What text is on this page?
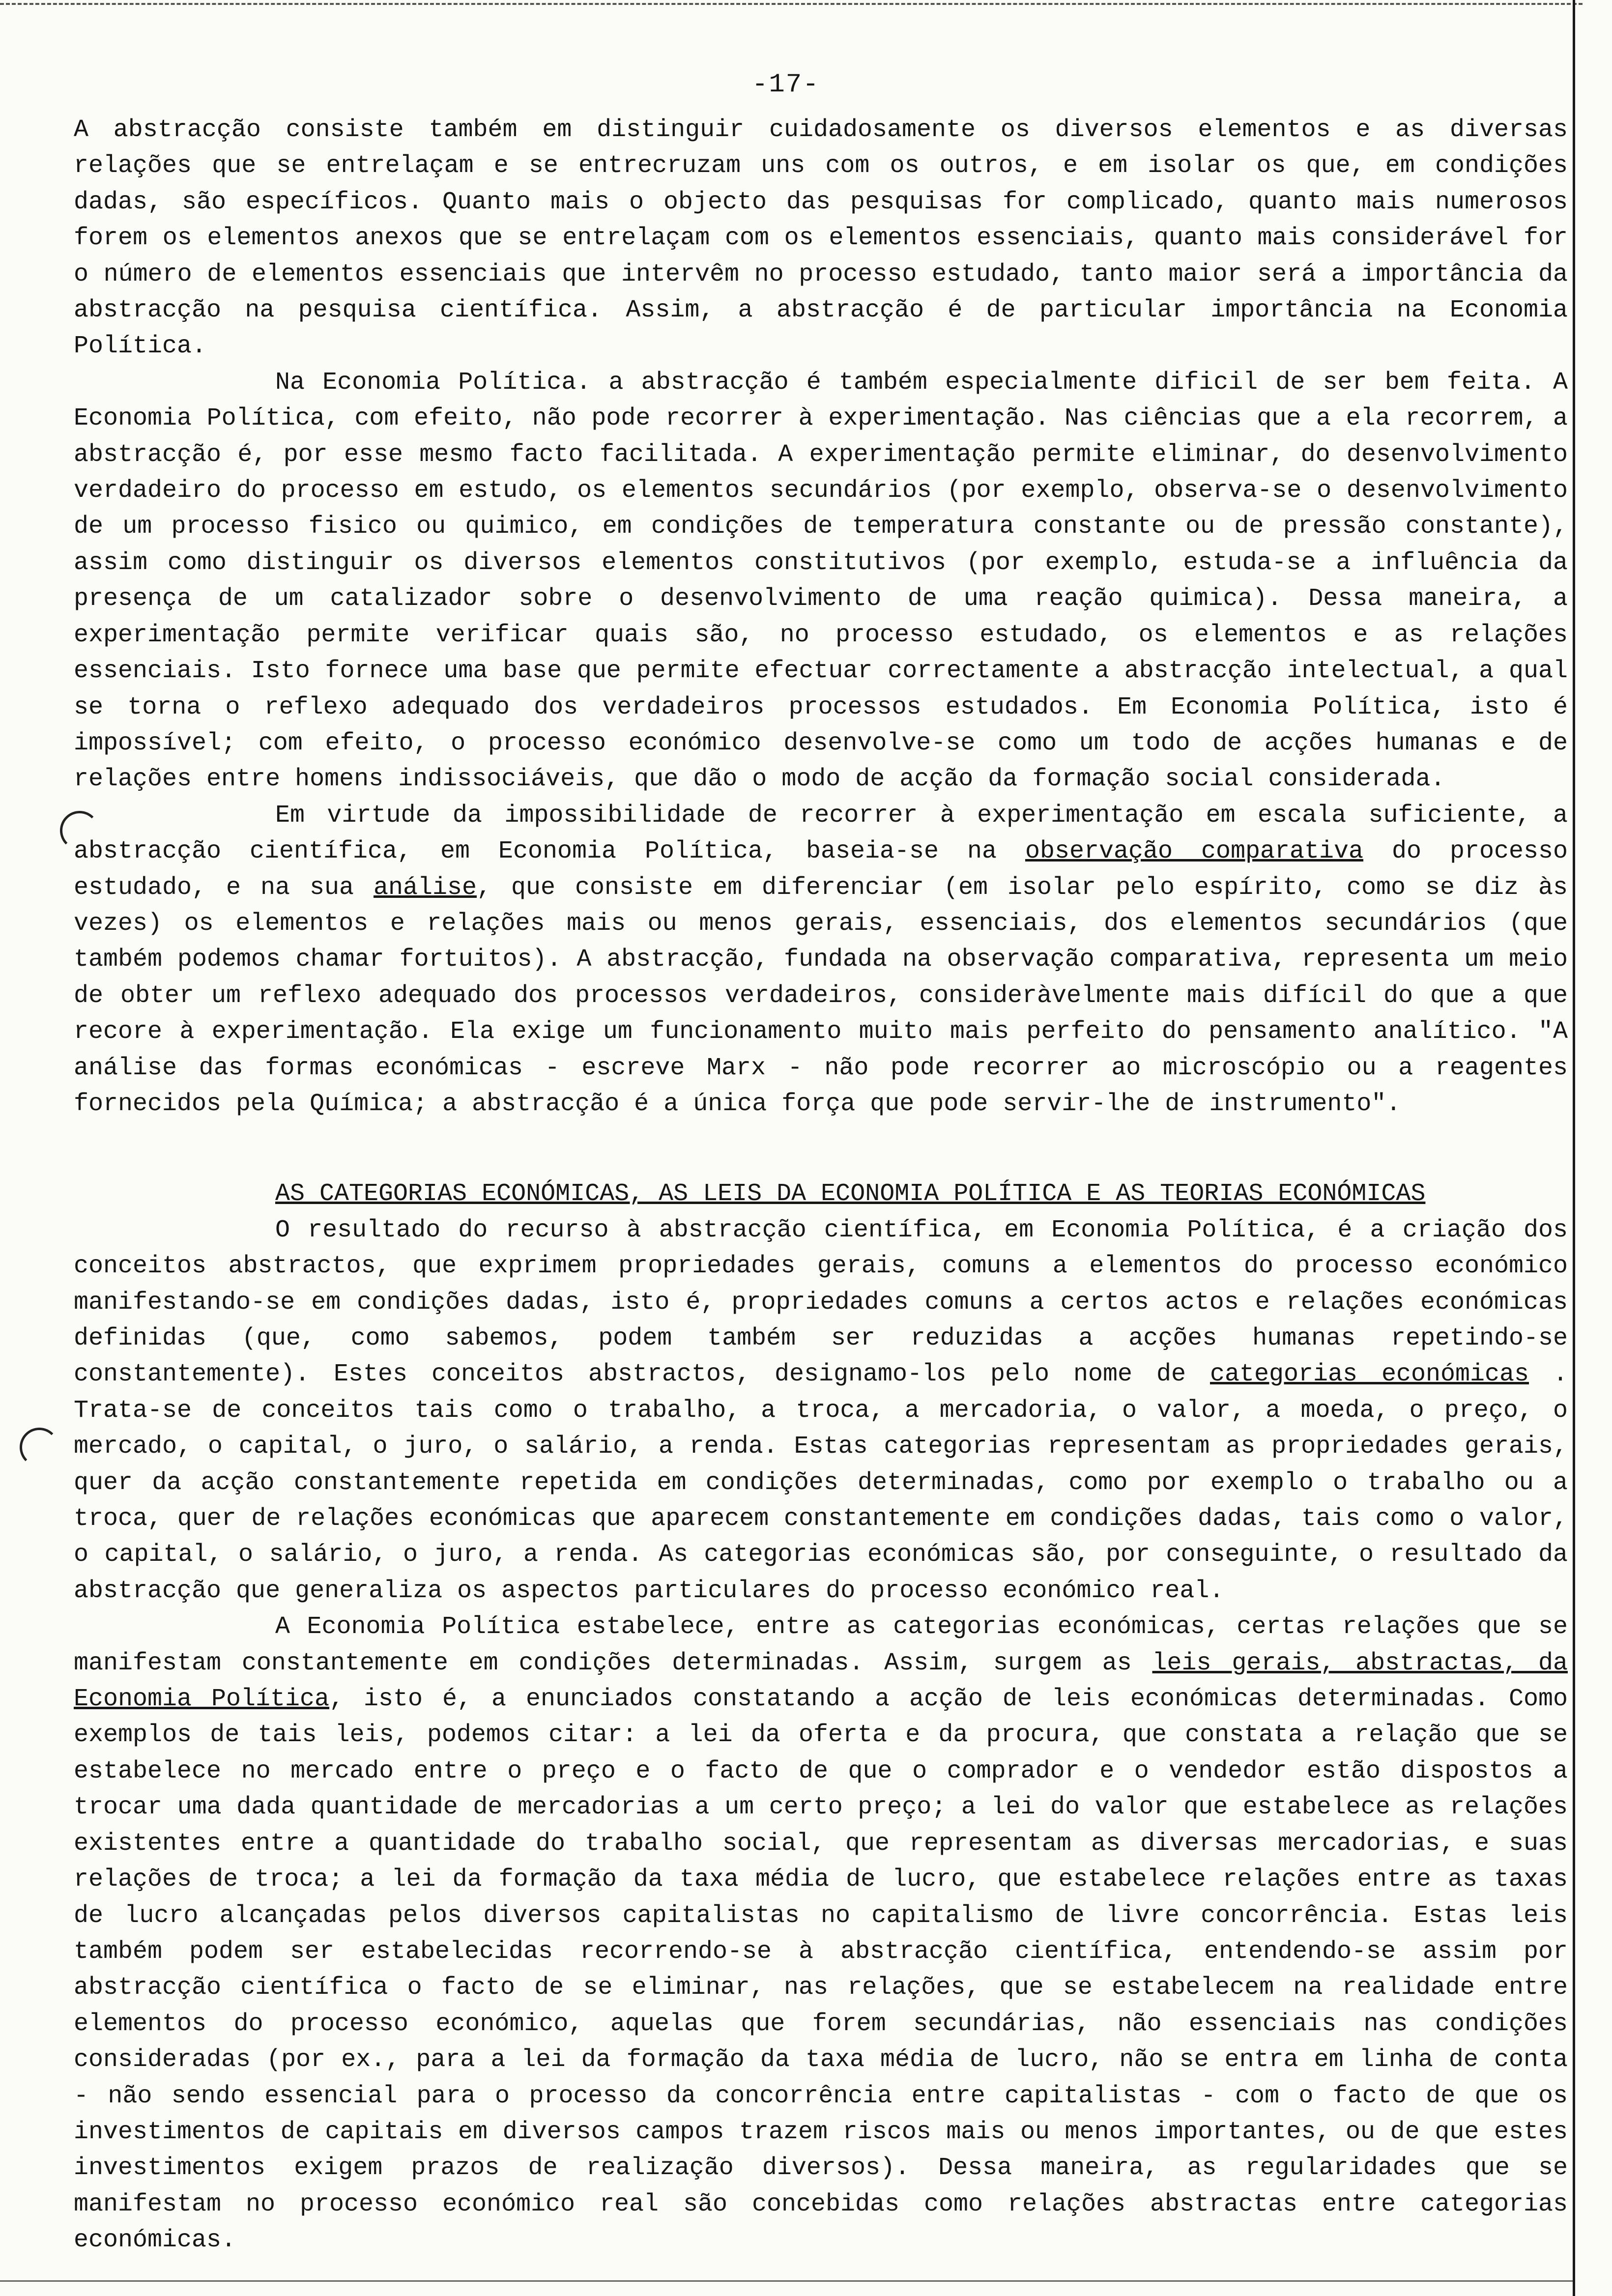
-17-

A abstracção consiste também em distinguir cuidadosamente os diversos elementos e as diversas relações que se entrelaçam e se entrecruzam uns com os outros, e em isolar os que, em condições dadas, são específicos. Quanto mais o objecto das pesquisas for complicado, quanto mais numerosos forem os elementos anexos que se entrelaçam com os elementos essenciais, quanto mais considerável for o número de elementos essenciais que intervêm no processo estudado, tanto maior será a importância da abstracção na pesquisa científica. Assim, a abstracção é de particular importância na Economia Política.

Na Economia Política. a abstracção é também especialmente dificil de ser bem feita. A Economia Política, com efeito, não pode recorrer à experimentação. Nas ciências que a ela recorrem, a abstracção é, por esse mesmo facto facilitada. A experimentação permite eliminar, do desenvolvimento verdadeiro do processo em estudo, os elementos secundários (por exemplo, observa-se o desenvolvimento de um processo fisico ou quimico, em condições de temperatura constante ou de pressão constante), assim como distinguir os diversos elementos constitutivos (por exemplo, estuda-se a influência da presença de um catalizador sobre o desenvolvimento de uma reação quimica). Dessa maneira, a experimentação permite verificar quais são, no processo estudado, os elementos e as relações essenciais. Isto fornece uma base que permite efectuar correctamente a abstracção intelectual, a qual se torna o reflexo adequado dos verdadeiros processos estudados. Em Economia Política, isto é impossível; com efeito, o processo económico desenvolve-se como um todo de acções humanas e de relações entre homens indissociáveis, que dão o modo de acção da formação social considerada.

Em virtude da impossibilidade de recorrer à experimentação em escala suficiente, a abstracção científica, em Economia Política, baseia-se na observação comparativa do processo estudado, e na sua análise, que consiste em diferenciar (em isolar pelo espírito, como se diz às vezes) os elementos e relações mais ou menos gerais, essenciais, dos elementos secundários (que também podemos chamar fortuitos). A abstracção, fundada na observação comparativa, representa um meio de obter um reflexo adequado dos processos verdadeiros, consideràvelmente mais difícil do que a que recore à experimentação. Ela exige um funcionamento muito mais perfeito do pensamento analítico. "A análise das formas económicas - escreve Marx - não pode recorrer ao microscópio ou a reagentes fornecidos pela Química; a abstracção é a única força que pode servir-lhe de instrumento".

AS CATEGORIAS ECONÓMICAS, AS LEIS DA ECONOMIA POLÍTICA E AS TEORIAS ECONÓMICAS

O resultado do recurso à abstracção científica, em Economia Política, é a criação dos conceitos abstractos, que exprimem propriedades gerais, comuns a elementos do processo económico manifestando-se em condições dadas, isto é, propriedades comuns a certos actos e relações económicas definidas (que, como sabemos, podem também ser reduzidas a acções humanas repetindo-se constantemente). Estes conceitos abstractos, designamo-los pelo nome de categorias económicas . Trata-se de conceitos tais como o trabalho, a troca, a mercadoria, o valor, a moeda, o preço, o mercado, o capital, o juro, o salário, a renda. Estas categorias representam as propriedades gerais, quer da acção constantemente repetida em condições determinadas, como por exemplo o trabalho ou a troca, quer de relações económicas que aparecem constantemente em condições dadas, tais como o valor, o capital, o salário, o juro, a renda. As categorias económicas são, por conseguinte, o resultado da abstracção que generaliza os aspectos particulares do processo económico real.

A Economia Política estabelece, entre as categorias económicas, certas relações que se manifestam constantemente em condições determinadas. Assim, surgem as leis gerais, abstractas, da Economia Política, isto é, a enunciados constatando a acção de leis económicas determinadas. Como exemplos de tais leis, podemos citar: a lei da oferta e da procura, que constata a relação que se estabelece no mercado entre o preço e o facto de que o comprador e o vendedor estão dispostos a trocar uma dada quantidade de mercadorias a um certo preço; a lei do valor que estabelece as relações existentes entre a quantidade do trabalho social, que representam as diversas mercadorias, e suas relações de troca; a lei da formação da taxa média de lucro, que estabelece relações entre as taxas de lucro alcançadas pelos diversos capitalistas no capitalismo de livre concorrência. Estas leis também podem ser estabelecidas recorrendo-se à abstracção científica, entendendo-se assim por abstracção científica o facto de se eliminar, nas relações, que se estabelecem na realidade entre elementos do processo económico, aquelas que forem secundárias, não essenciais nas condições consideradas (por ex., para a lei da formação da taxa média de lucro, não se entra em linha de conta - não sendo essencial para o processo da concorrência entre capitalistas - com o facto de que os investimentos de capitais em diversos campos trazem riscos mais ou menos importantes, ou de que estes investimentos exigem prazos de realização diversos). Dessa maneira, as regularidades que se manifestam no processo económico real são concebidas como relações abstractas entre categorias económicas.
